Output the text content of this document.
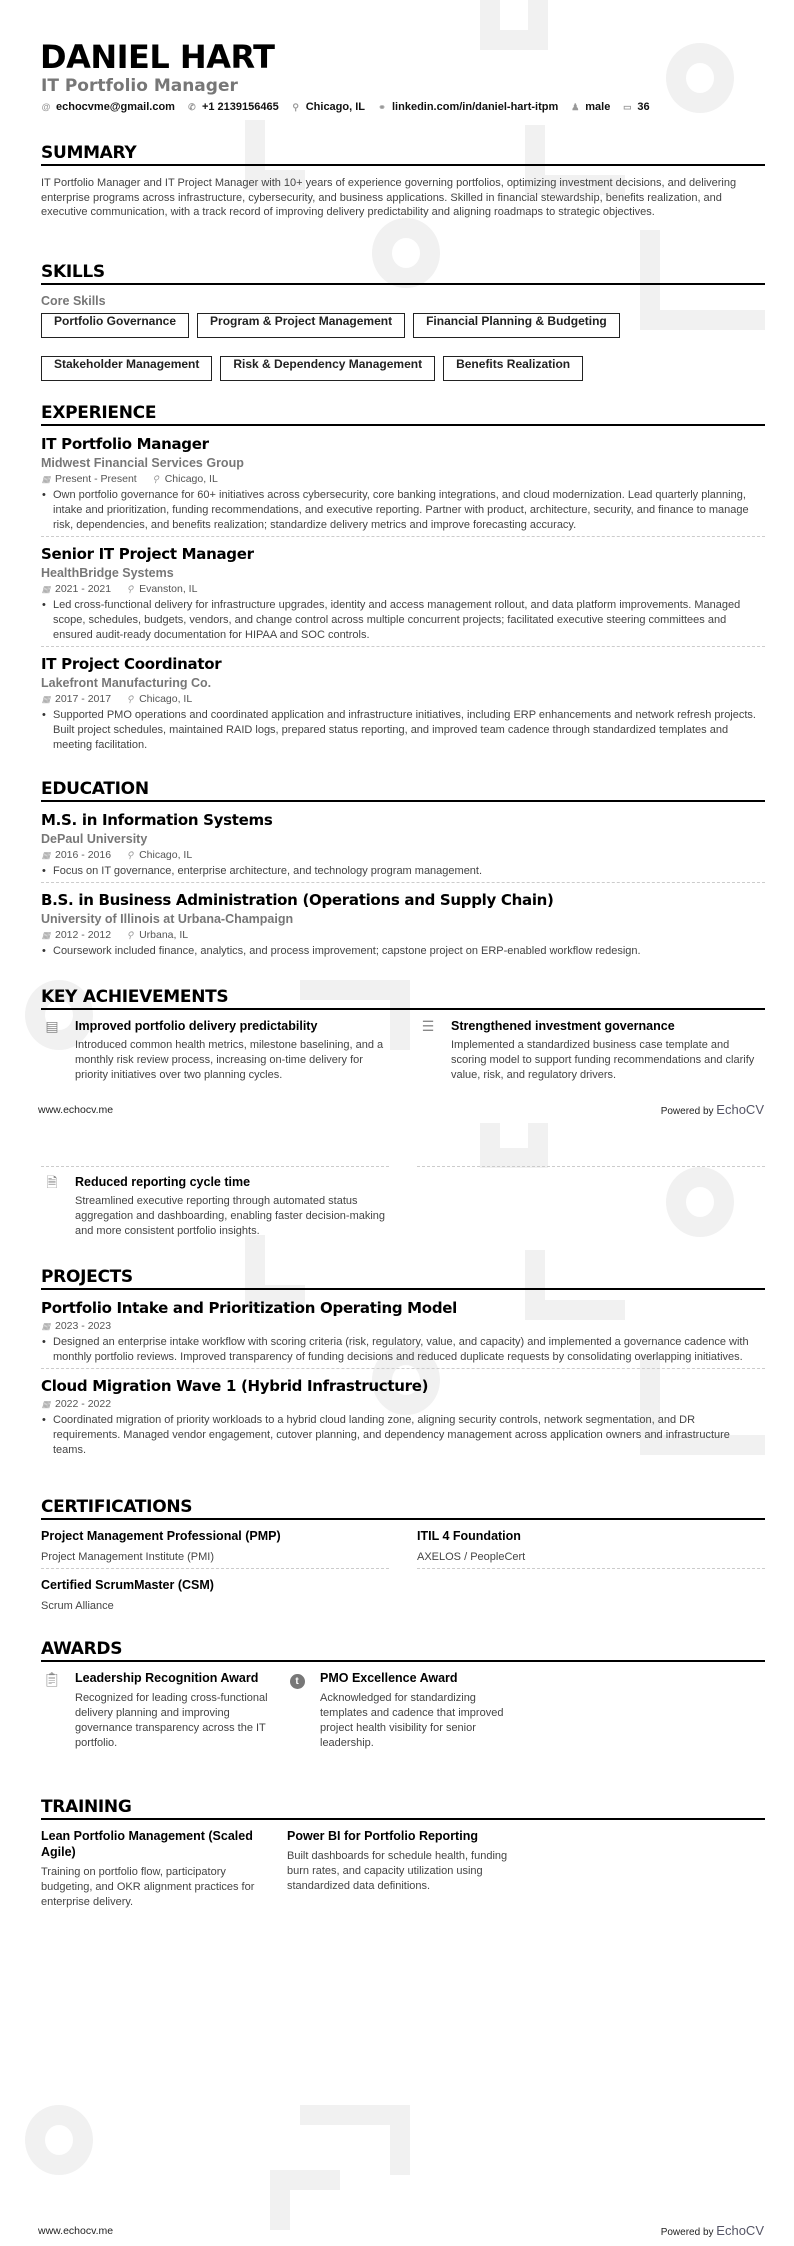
DANIEL HART
IT Portfolio Manager
@ echocvme@gmail.com ✆ +1 2139156465 ⚲ Chicago, IL ⚭ linkedin.com/in/daniel-hart-itpm ♟ male ▭ 36
SUMMARY

IT Portfolio Manager and IT Project Manager with 10+ years of experience governing portfolios, optimizing investment decisions, and delivering enterprise programs across infrastructure, cybersecurity, and business applications. Skilled in financial stewardship, benefits realization, and executive communication, with a track record of improving delivery predictability and aligning roadmaps to strategic objectives.

SKILLS
Core Skills
Portfolio Governance	Program & Project Management	Financial Planning & Budgeting
Stakeholder Management	Risk & Dependency Management	Benefits Realization
EXPERIENCE
IT Portfolio Manager
Midwest Financial Services Group
▦ Present - Present ⚲ Chicago, IL
• Own portfolio governance for 60+ initiatives across cybersecurity, core banking integrations, and cloud modernization. Lead quarterly planning, intake and prioritization, funding recommendations, and executive reporting. Partner with product, architecture, security, and finance to manage risk, dependencies, and benefits realization; standardize delivery metrics and improve forecasting accuracy.
Senior IT Project Manager
HealthBridge Systems
▦ 2021 - 2021 ⚲ Evanston, IL
• Led cross-functional delivery for infrastructure upgrades, identity and access management rollout, and data platform improvements. Managed scope, schedules, budgets, vendors, and change control across multiple concurrent projects; facilitated executive steering committees and ensured audit-ready documentation for HIPAA and SOC controls.
IT Project Coordinator
Lakefront Manufacturing Co.
▦ 2017 - 2017 ⚲ Chicago, IL
• Supported PMO operations and coordinated application and infrastructure initiatives, including ERP enhancements and network refresh projects. Built project schedules, maintained RAID logs, prepared status reporting, and improved team cadence through standardized templates and meeting facilitation.
EDUCATION
M.S. in Information Systems
DePaul University
▦ 2016 - 2016 ⚲ Chicago, IL
• Focus on IT governance, enterprise architecture, and technology program management.
B.S. in Business Administration (Operations and Supply Chain)
University of Illinois at Urbana-Champaign
▦ 2012 - 2012 ⚲ Urbana, IL
• Coursework included finance, analytics, and process improvement; capstone project on ERP-enabled workflow redesign.
KEY ACHIEVEMENTS
▤	Improved portfolio delivery predictability
Introduced common health metrics, milestone baselining, and a monthly risk review process, increasing on-time delivery for priority initiatives over two planning cycles.
☰	Strengthened investment governance
Implemented a standardized business case template and scoring model to support funding recommendations and clarify value, risk, and regulatory drivers.
www.echocv.me	Powered by EchoCV
🗎	Reduced reporting cycle time
Streamlined executive reporting through automated status aggregation and dashboarding, enabling faster decision-making and more consistent portfolio insights.
PROJECTS
Portfolio Intake and Prioritization Operating Model
▦ 2023 - 2023
• Designed an enterprise intake workflow with scoring criteria (risk, regulatory, value, and capacity) and implemented a governance cadence with monthly portfolio reviews. Improved transparency of funding decisions and reduced duplicate requests by consolidating overlapping initiatives.
Cloud Migration Wave 1 (Hybrid Infrastructure)
▦ 2022 - 2022
• Coordinated migration of priority workloads to a hybrid cloud landing zone, aligning security controls, network segmentation, and DR requirements. Managed vendor engagement, cutover planning, and dependency management across application owners and infrastructure teams.
CERTIFICATIONS
Project Management Professional (PMP)
Project Management Institute (PMI)
ITIL 4 Foundation
AXELOS / PeopleCert
Certified ScrumMaster (CSM)
Scrum Alliance
AWARDS
📋︎ Leadership Recognition Award
Recognized for leading cross-functional delivery planning and improving governance transparency across the IT portfolio.
t	PMO Excellence Award
Acknowledged for standardizing templates and cadence that improved project health visibility for senior leadership.
TRAINING
Lean Portfolio Management (Scaled Agile)
Training on portfolio flow, participatory budgeting, and OKR alignment practices for enterprise delivery.
Power BI for Portfolio Reporting
Built dashboards for schedule health, funding burn rates, and capacity utilization using standardized data definitions.
www.echocv.me	Powered by EchoCV
